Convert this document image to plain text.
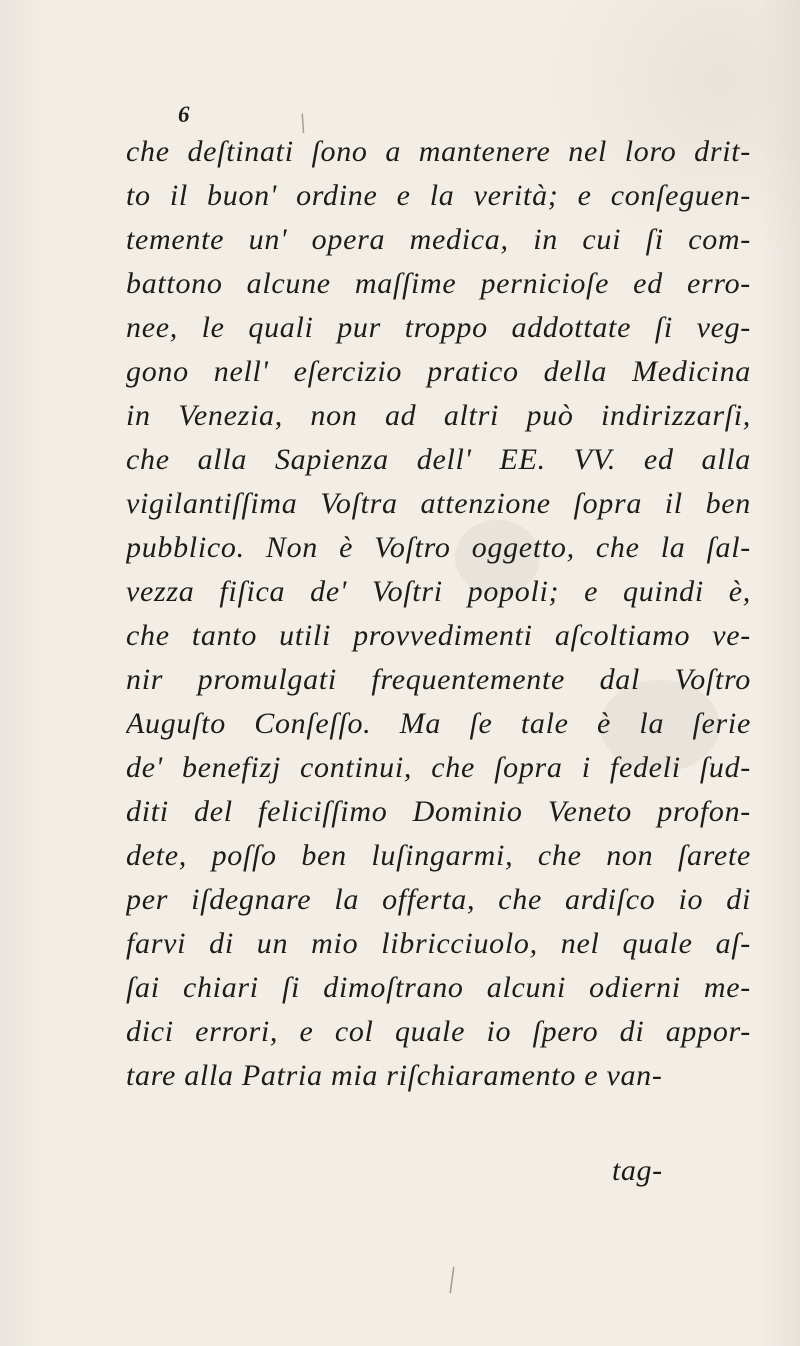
6
che deſtinati ſono a mantenere nel loro drit-
to il buon' ordine e la verità; e conſeguen-
temente un' opera medica, in cui ſi com-
battono alcune maſſime pernicioſe ed erro-
nee, le quali pur troppo addottate ſi veg-
gono nell' eſercizio pratico della Medicina
in Venezia, non ad altri può indirizzarſi,
che alla Sapienza dell' EE. VV. ed alla
vigilantiſſima Voſtra attenzione ſopra il ben
pubblico. Non è Voſtro oggetto, che la ſal-
vezza fiſica de' Voſtri popoli; e quindi è,
che tanto utili provvedimenti aſcoltiamo ve-
nir promulgati frequentemente dal Voſtro
Auguſto Conſeſſo. Ma ſe tale è la ſerie
de' benefizj continui, che ſopra i fedeli ſud-
diti del feliciſſimo Dominio Veneto profon-
dete, poſſo ben luſingarmi, che non ſarete
per iſdegnare la offerta, che ardiſco io di
farvi di un mio libricciuolo, nel quale aſ-
ſai chiari ſi dimoſtrano alcuni odierni me-
dici errori, e col quale io ſpero di appor-
tare alla Patria mia riſchiaramento e van-
tag-
⁄
╲
